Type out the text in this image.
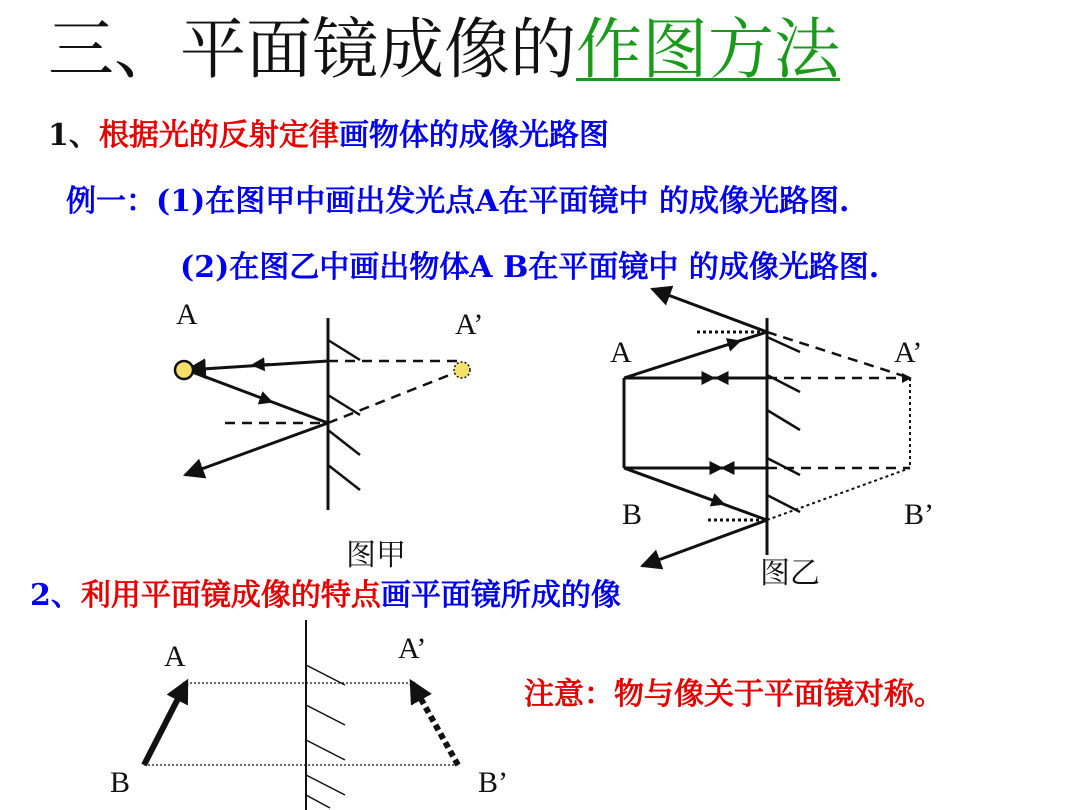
三、平面镜成像的作图方法
1、根据光的反射定律画物体的成像光路图
例一：(1)在图甲中画出发光点A在平面镜中 的成像光路图.
(2)在图乙中画出物体A B在平面镜中 的成像光路图.
A	A’
图甲
A	A’
B	B’
图乙
2、利用平面镜成像的特点画平面镜所成的像
A	A’
B	B’
注意：物与像关于平面镜对称。
